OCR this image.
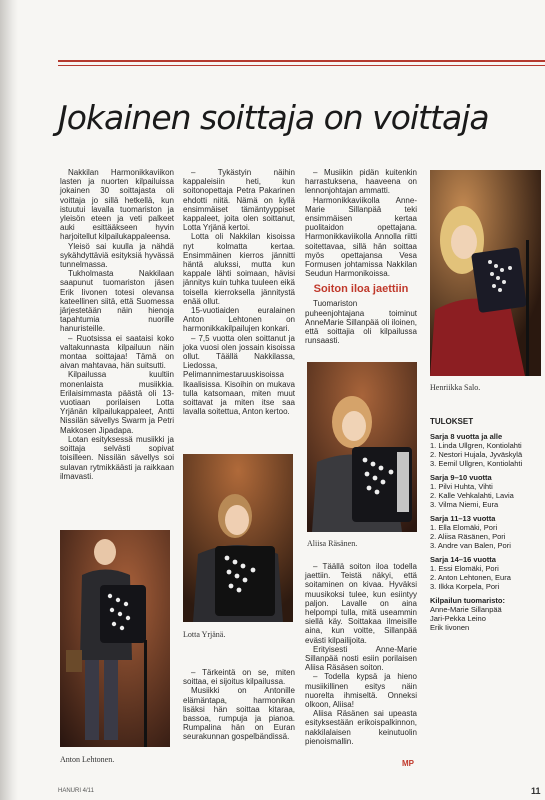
Jokainen soittaja on voittaja

Nakkilan Harmonikkaviikon lasten ja nuorten kilpailuissa jokainen 30 soittajasta oli voittaja jo sillä hetkellä, kun istuutui lavalla tuomariston ja yleisön eteen ja veti palkeet auki esittääkseen hyvin harjoitellut kilpailukappaleensa.

Yleisö sai kuulla ja nähdä sykähdyttäviä esityksiä hyvässä tunnelmassa.

Tukholmasta Nakkilaan saapunut tuomariston jäsen Erik Iivonen totesi olevansa kateellinen siitä, että Suomessa järjestetään näin hienoja tapahtumia nuorille hanuristeille.

– Ruotsissa ei saataisi koko valtakunnasta kilpailuun näin montaa soittajaa! Tämä on aivan mahtavaa, hän suitsutti.

Kilpailussa kuultiin monenlaista musiikkia. Erilaisimmasta päästä oli 13-vuotiaan porilaisen Lotta Yrjänän kilpailukappaleet, Antti Nissilän sävellys Swarm ja Petri Makkosen Jipadapa.

Lotan esityksessä musiikki ja soittaja selvästi sopivat toisilleen. Nissilän sävellys soi sulavan rytmikkäästi ja raikkaan ilmavasti.

– Tykästyin näihin kappaleisiin heti, kun soitonopettaja Petra Pakarinen ehdotti niitä. Nämä on kyllä ensimmäiset tämäntyyppiset kappaleet, joita olen soittanut, Lotta Yrjänä kertoi.

Lotta oli Nakkilan kisoissa nyt kolmatta kertaa. Ensimmäinen kierros jännitti häntä alukssi, mutta kun kappale lähti soimaan, hävisi jännitys kuin tuhka tuuleen eikä toisella kierroksella jännitystä enää ollut.

15-vuotiaiden euralainen Anton Lehtonen on harmonikkakilpailujen konkari.

– 7,5 vuotta olen soittanut ja joka vuosi olen jossain kisoissa ollut. Täällä Nakkilassa, Liedossa, Pelimannimestaruuskisoissa Ikaalisissa. Kisoihin on mukava tulla katsomaan, miten muut soittavat ja miten itse saa lavalla soitettua, Anton kertoo.

– Tärkeintä on se, miten soittaa, ei sijoitus kilpailussa.

Musiikki on Antonille elämäntapa, harmonikan lisäksi hän soittaa kitaraa, bassoa, rumpuja ja pianoa. Rumpalina hän on Euran seurakunnan gospelbändissä.

– Musiikin pidän kuitenkin harrastuksena, haaveena on lennonjohtajan ammatti.

Harmonikkaviikolla AnneMarie Sillanpää teki ensimmäisen kertaa puolitaidon opettajana. Harmonikkaviikolla Annolla riitti soitettavaa, sillä hän soittaa myös opettajansa Vesa Formusen johtamissa Nakkilan Seudun Harmonikoissa.

Soiton iloa jaettiin

Tuomariston puheenjohtajana toiminut AnneMarie Sillanpää oli iloinen, että soittajia oli kilpailussa runsaasti.

– Täällä soiton iloa todella jaettiin. Teistä näkyi, että soitaminen on kivaa. Hyväksi muusikoksi tulee, kun esiintyy paljon. Lavalle on aina helpompi tulla, mitä useammin siellä käy. Soittakaa ilmeisille aina, kun voitte, Sillanpää evästi kilpailijoita.

Erityisesti Anne-Marie Sillanpää nosti esiin porilaisen Aliisa Räsäsen soiton.

– Todella kypsä ja hieno musiikillinen esitys näin nuorelta ihmiseltä. Onneksi olkoon, Aliisa!

Aliisa Räsänen sai upeasta esityksestään erikoispalkinnon, nakkilalaisen keinutuolin pienoismallin.

Henriikka Salo.
Aliisa Räsänen.
Lotta Yrjänä.
Anton Lehtonen.
TULOKSET
Sarja 8 vuotta ja alle
1. Linda Ullgren, Kontiolahti
2. Nestori Hujala, Jyväskylä
3. Eemil Ullgren, Kontiolahti
Sarja 9–10 vuotta
1. Pilvi Huhta, Vihti
2. Kalle Vehkalahti, Lavia
3. Vilma Niemi, Eura
Sarja 11–13 vuotta
1. Ella Elomäki, Pori
2. Aliisa Räsänen, Pori
3. Andre van Balen, Pori
Sarja 14–16 vuotta
1. Essi Elomäki, Pori
2. Anton Lehtonen, Eura
3. Ilkka Korpela, Pori
Kilpailun tuomaristo:
Anne-Marie Sillanpää
Jari-Pekka Leino
Erik Iivonen
MP
HANURI 4/11	11
